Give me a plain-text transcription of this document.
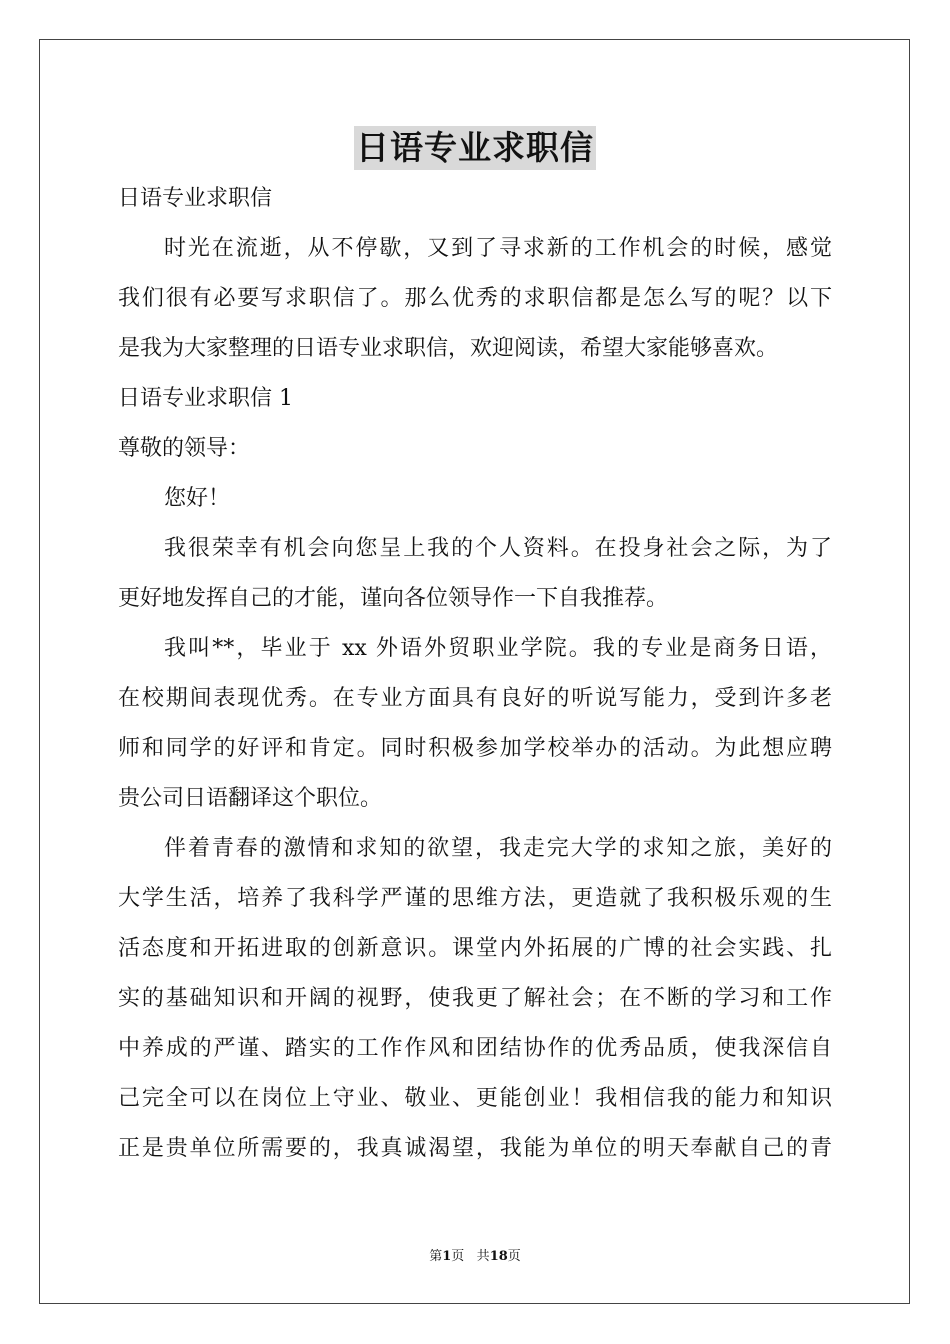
日语专业求职信
日语专业求职信
时光在流逝，从不停歇，又到了寻求新的工作机会的时候，感觉
我们很有必要写求职信了。那么优秀的求职信都是怎么写的呢？以下
是我为大家整理的日语专业求职信，欢迎阅读，希望大家能够喜欢。
日语专业求职信 1
尊敬的领导：
您好！
我很荣幸有机会向您呈上我的个人资料。在投身社会之际，为了
更好地发挥自己的才能，谨向各位领导作一下自我推荐。
我叫**，毕业于 xx 外语外贸职业学院。我的专业是商务日语，
在校期间表现优秀。在专业方面具有良好的听说写能力，受到许多老
师和同学的好评和肯定。同时积极参加学校举办的活动。为此想应聘
贵公司日语翻译这个职位。
伴着青春的激情和求知的欲望，我走完大学的求知之旅，美好的
大学生活，培养了我科学严谨的思维方法，更造就了我积极乐观的生
活态度和开拓进取的创新意识。课堂内外拓展的广博的社会实践、扎
实的基础知识和开阔的视野，使我更了解社会；在不断的学习和工作
中养成的严谨、踏实的工作作风和团结协作的优秀品质，使我深信自
己完全可以在岗位上守业、敬业、更能创业！我相信我的能力和知识
正是贵单位所需要的，我真诚渴望，我能为单位的明天奉献自己的青
第1页 共18页
